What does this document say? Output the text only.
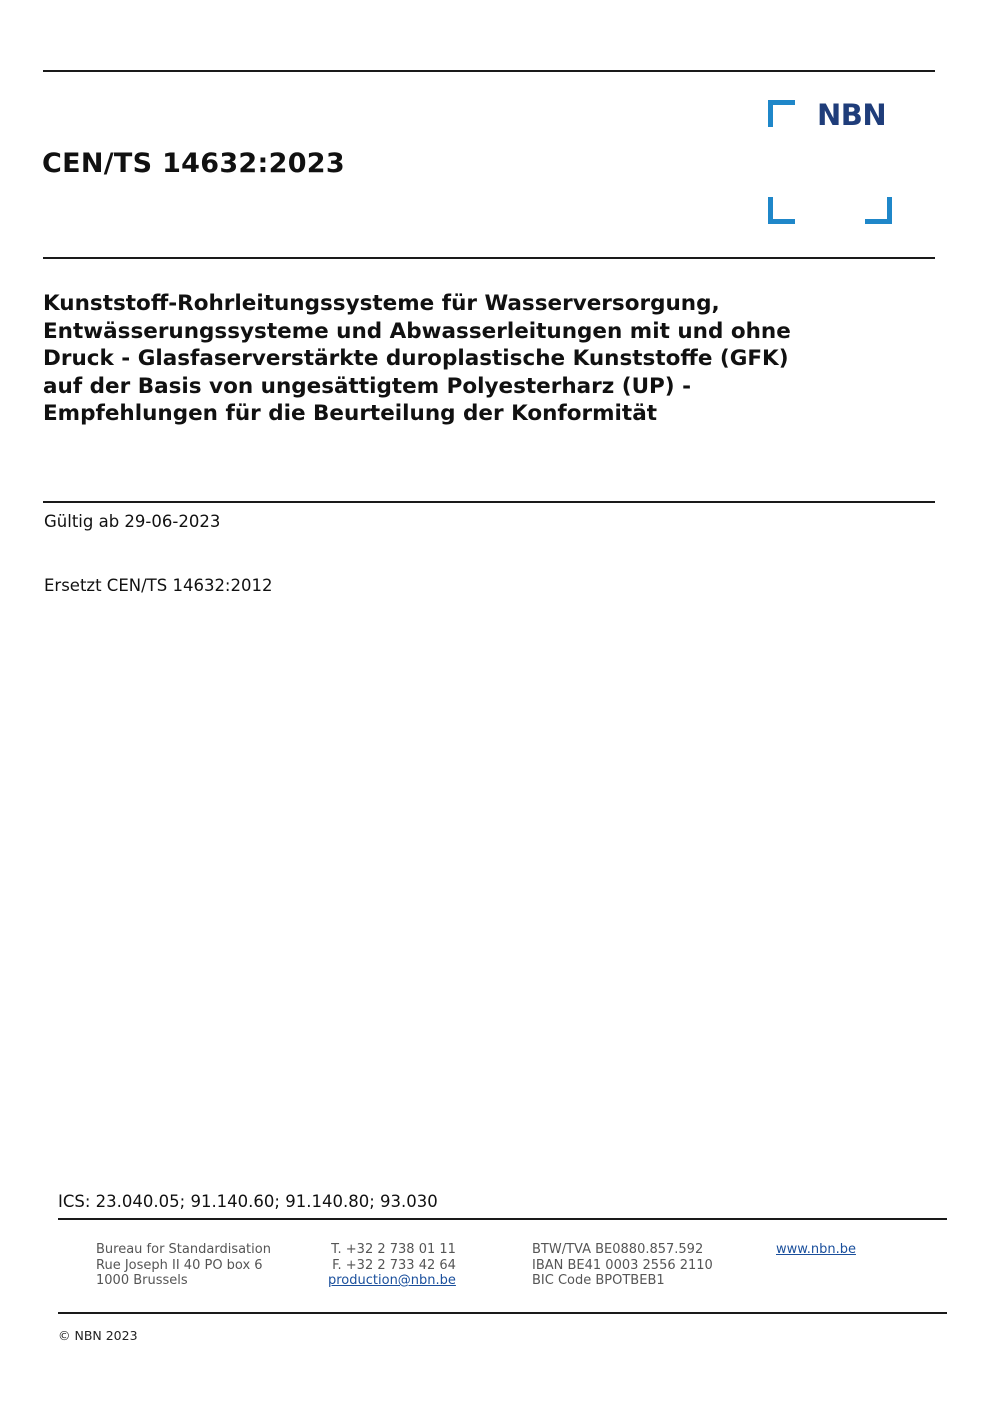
CEN/TS 14632:2023
NBN
Kunststoff-Rohrleitungssysteme für Wasserversorgung,
Entwässerungssysteme und Abwasserleitungen mit und ohne
Druck - Glasfaserverstärkte duroplastische Kunststoffe (GFK)
auf der Basis von ungesättigtem Polyesterharz (UP) -
Empfehlungen für die Beurteilung der Konformität
Gültig ab 29-06-2023
Ersetzt CEN/TS 14632:2012
ICS: 23.040.05; 91.140.60; 91.140.80; 93.030
Bureau for Standardisation
Rue Joseph II 40 PO box 6
1000 Brussels
T. +32 2 738 01 11
F. +32 2 733 42 64
production@nbn.be
BTW/TVA BE0880.857.592
IBAN BE41 0003 2556 2110
BIC Code BPOTBEB1
www.nbn.be
© NBN 2023
